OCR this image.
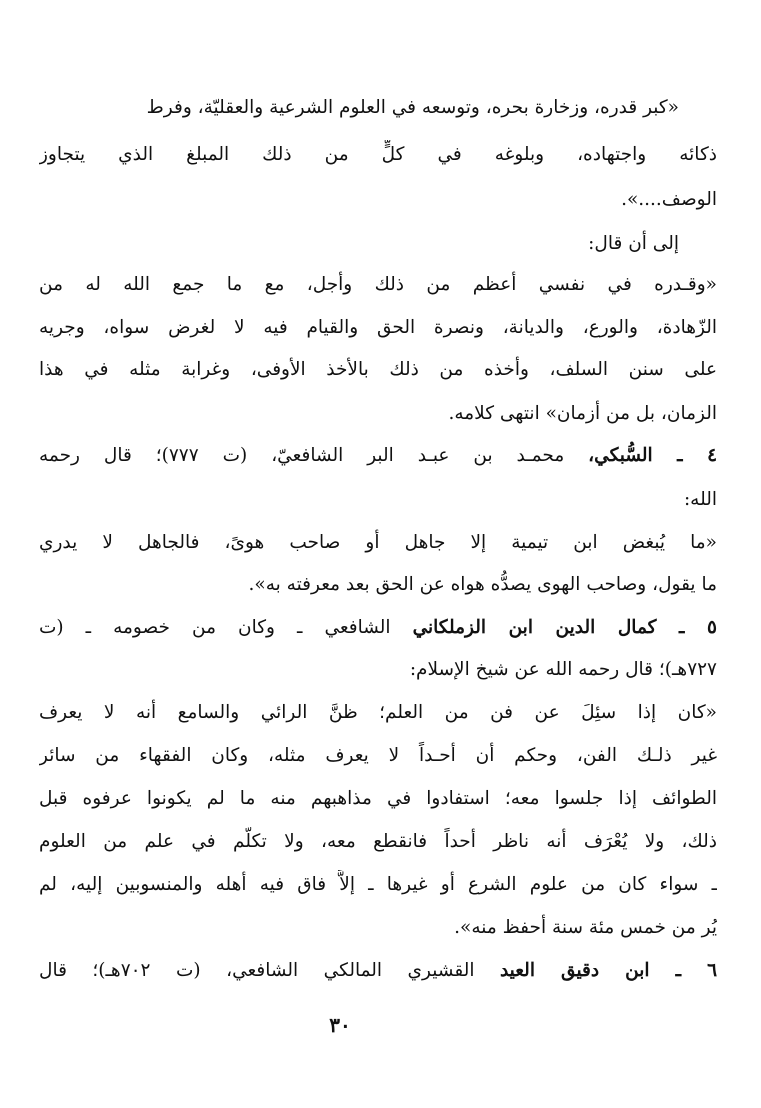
«كبر قدره، وزخارة بحره، وتوسعه في العلوم الشرعية والعقليّة، وفرط
ذكائه واجتهاده، وبلوغه في كلٍّ من ذلك المبلغ الذي يتجاوز
الوصف....».
إلى أن قال:
«وقـدره في نفسي أعظم من ذلك وأجل، مع ما جمع الله له من
الزّهادة، والورع، والديانة، ونصرة الحق والقيام فيه لا لغرض سواه، وجريه
على سنن السلف، وأخذه من ذلك بالأخذ الأوفى، وغرابة مثله في هذا
الزمان، بل من أزمان» انتهى كلامه.
٤ ـ السُّبكي، محمـد بن عبـد البر الشافعيّ، (ت ٧٧٧)؛ قال رحمه
الله:
«ما يُبغض ابن تيمية إلا جاهل أو صاحب هوىً، فالجاهل لا يدري
ما يقول، وصاحب الهوى يصدُّه هواه عن الحق بعد معرفته به».
٥ ـ كمال الدين ابن الزملكاني الشافعي ـ وكان من خصومه ـ (ت
٧٢٧هـ)؛ قال رحمه الله عن شيخ الإسلام:
«كان إذا سئِلَ عن فن من العلم؛ ظنَّ الرائي والسامع أنه لا يعرف
غير ذلـك الفن، وحكم أن أحـداً لا يعرف مثله، وكان الفقهاء من سائر
الطوائف إذا جلسوا معه؛ استفادوا في مذاهبهم منه ما لم يكونوا عرفوه قبل
ذلك، ولا يُعْرَف أنه ناظر أحداً فانقطع معه، ولا تكلّم في علم من العلوم
ـ سواء كان من علوم الشرع أو غيرها ـ إلاَّ فاق فيه أهله والمنسوبين إليه، لم
يُر من خمس مئة سنة أحفظ منه».
٦ ـ ابن دقيق العيد القشيري المالكي الشافعي، (ت ٧٠٢هـ)؛ قال
٣٠
